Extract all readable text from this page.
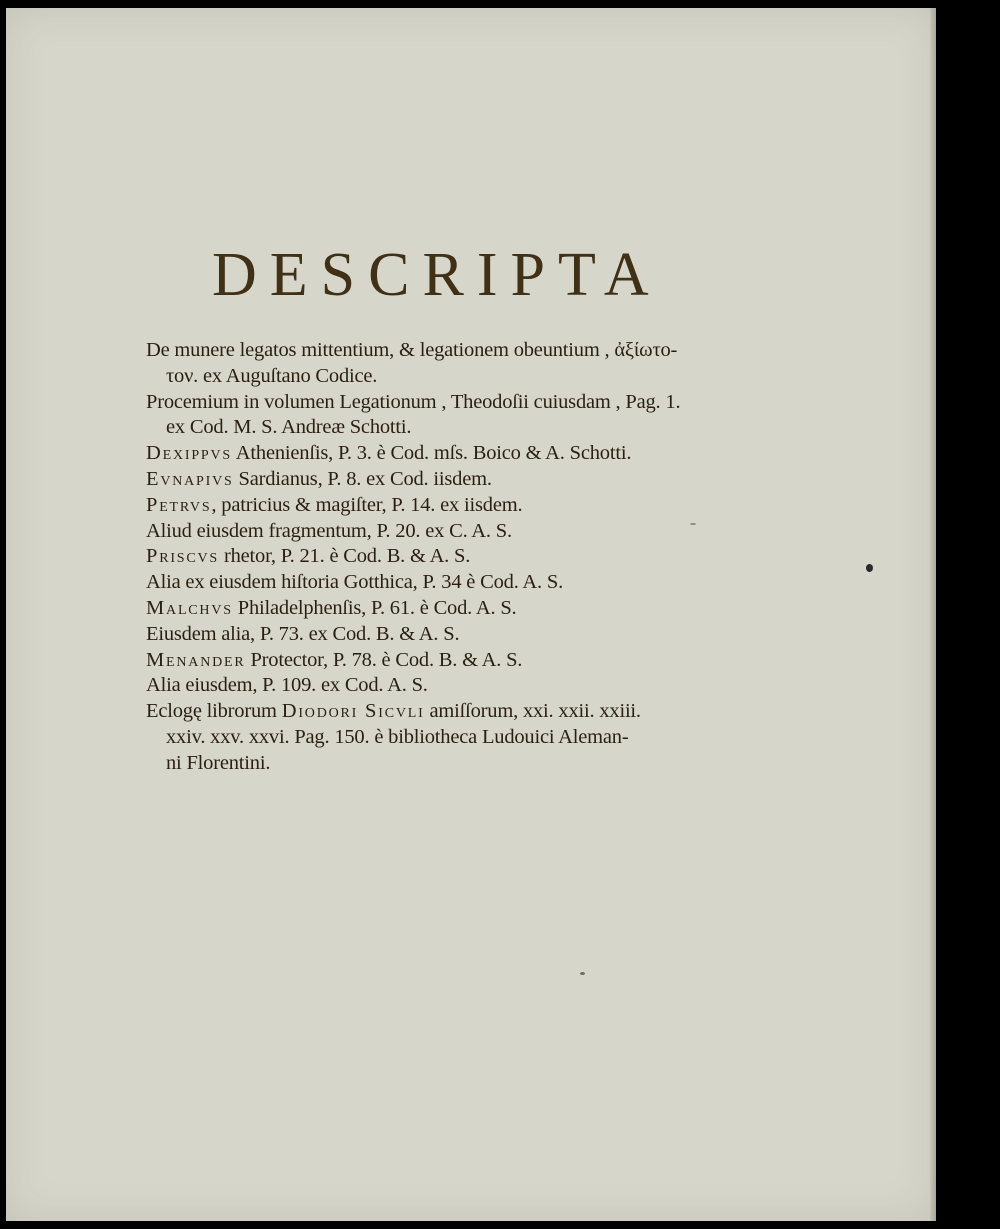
DESCRIPTA
De munere legatos mittentium, & legationem obeuntium , ἀξίωτο-
τον. ex Auguſtano Codice.
Procemium in volumen Legationum , Theodoſii cuiusdam , Pag. 1.
ex Cod. M. S. Andreæ Schotti.
Dexippvs Athenienſis, P. 3. è Cod. mſs. Boico & A. Schotti.
Evnapivs Sardianus, P. 8. ex Cod. iisdem.
Petrvs, patricius & magiſter, P. 14. ex iisdem.
Aliud eiusdem fragmentum, P. 20. ex C. A. S.
Priscvs rhetor, P. 21. è Cod. B. & A. S.
Alia ex eiusdem hiſtoria Gotthica, P. 34 è Cod. A. S.
Malchvs Philadelphenſis, P. 61. è Cod. A. S.
Eiusdem alia, P. 73. ex Cod. B. & A. S.
Menander Protector, P. 78. è Cod. B. & A. S.
Alia eiusdem, P. 109. ex Cod. A. S.
Eclogę librorum Diodori Sicvli amiſſorum, xxi. xxii. xxiii.
xxiv. xxv. xxvi. Pag. 150. è bibliotheca Ludouici Aleman-
ni Florentini.
